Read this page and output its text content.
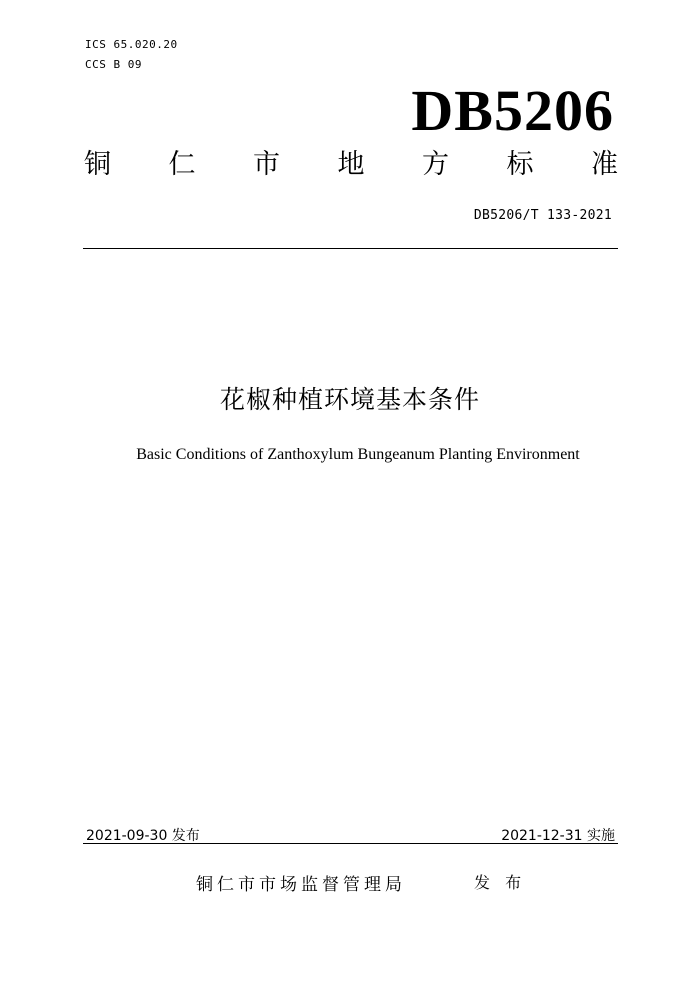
ICS 65.020.20
CCS B 09
DB5206
铜 仁 市 地 方 标 准
DB5206/T 133-2021
花椒种植环境基本条件
Basic Conditions of Zanthoxylum Bungeanum Planting Environment
2021-09-30 发布	2021-12-31 实施
铜仁市市场监督管理局	发 布
